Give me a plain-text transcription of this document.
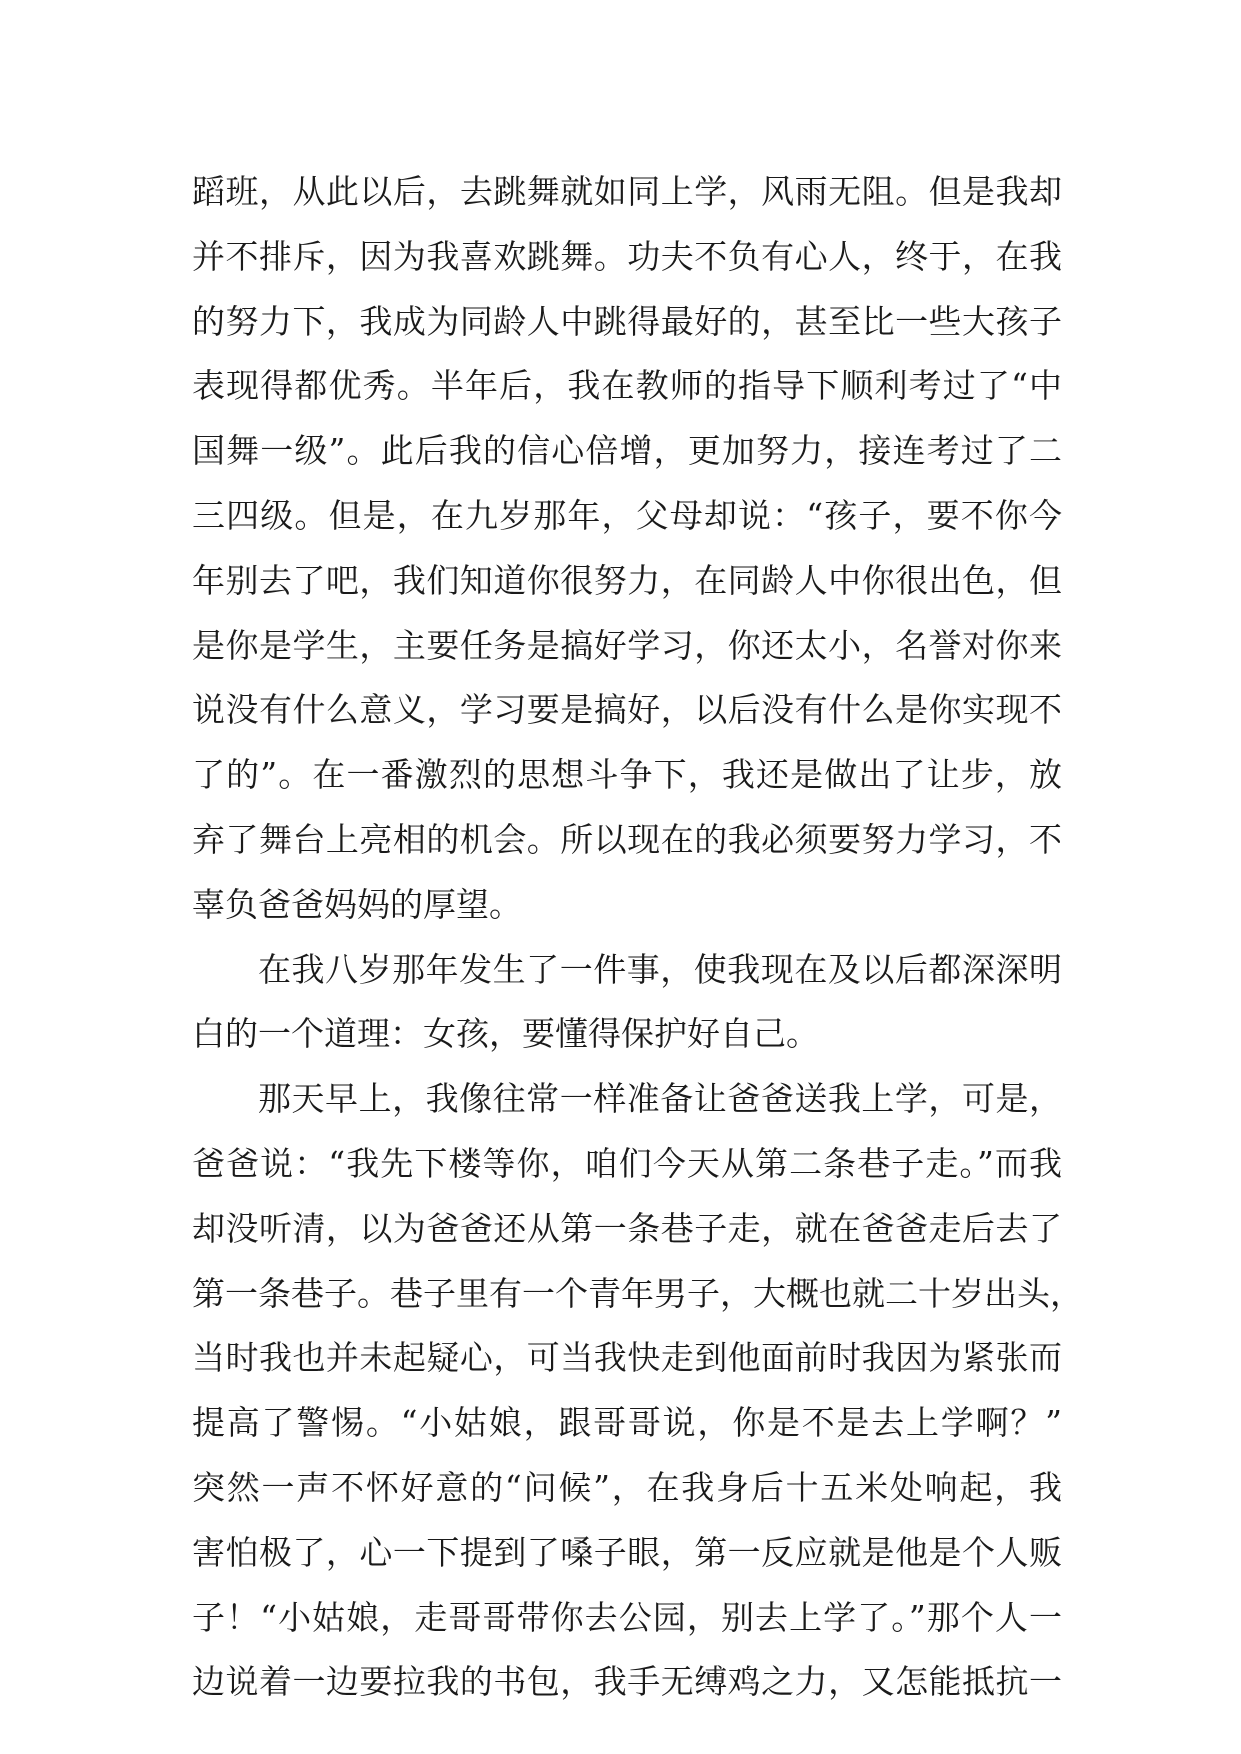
蹈班，从此以后，去跳舞就如同上学，风雨无阻。但是我却
并不排斥，因为我喜欢跳舞。功夫不负有心人，终于，在我
的努力下，我成为同龄人中跳得最好的，甚至比一些大孩子
表现得都优秀。半年后，我在教师的指导下顺利考过了“中
国舞一级”。此后我的信心倍增，更加努力，接连考过了二
三四级。但是，在九岁那年，父母却说：“孩子，要不你今
年别去了吧，我们知道你很努力，在同龄人中你很出色，但
是你是学生，主要任务是搞好学习，你还太小，名誉对你来
说没有什么意义，学习要是搞好，以后没有什么是你实现不
了的”。在一番激烈的思想斗争下，我还是做出了让步，放
弃了舞台上亮相的机会。所以现在的我必须要努力学习，不
辜负爸爸妈妈的厚望。
在我八岁那年发生了一件事，使我现在及以后都深深明
白的一个道理：女孩，要懂得保护好自己。
那天早上，我像往常一样准备让爸爸送我上学，可是，
爸爸说：“我先下楼等你，咱们今天从第二条巷子走。”而我
却没听清，以为爸爸还从第一条巷子走，就在爸爸走后去了
第一条巷子。巷子里有一个青年男子，大概也就二十岁出头，
当时我也并未起疑心，可当我快走到他面前时我因为紧张而
提高了警惕。“小姑娘，跟哥哥说，你是不是去上学啊？”
突然一声不怀好意的“问候”，在我身后十五米处响起，我
害怕极了，心一下提到了嗓子眼，第一反应就是他是个人贩
子！“小姑娘，走哥哥带你去公园，别去上学了。”那个人一
边说着一边要拉我的书包，我手无缚鸡之力，又怎能抵抗一
